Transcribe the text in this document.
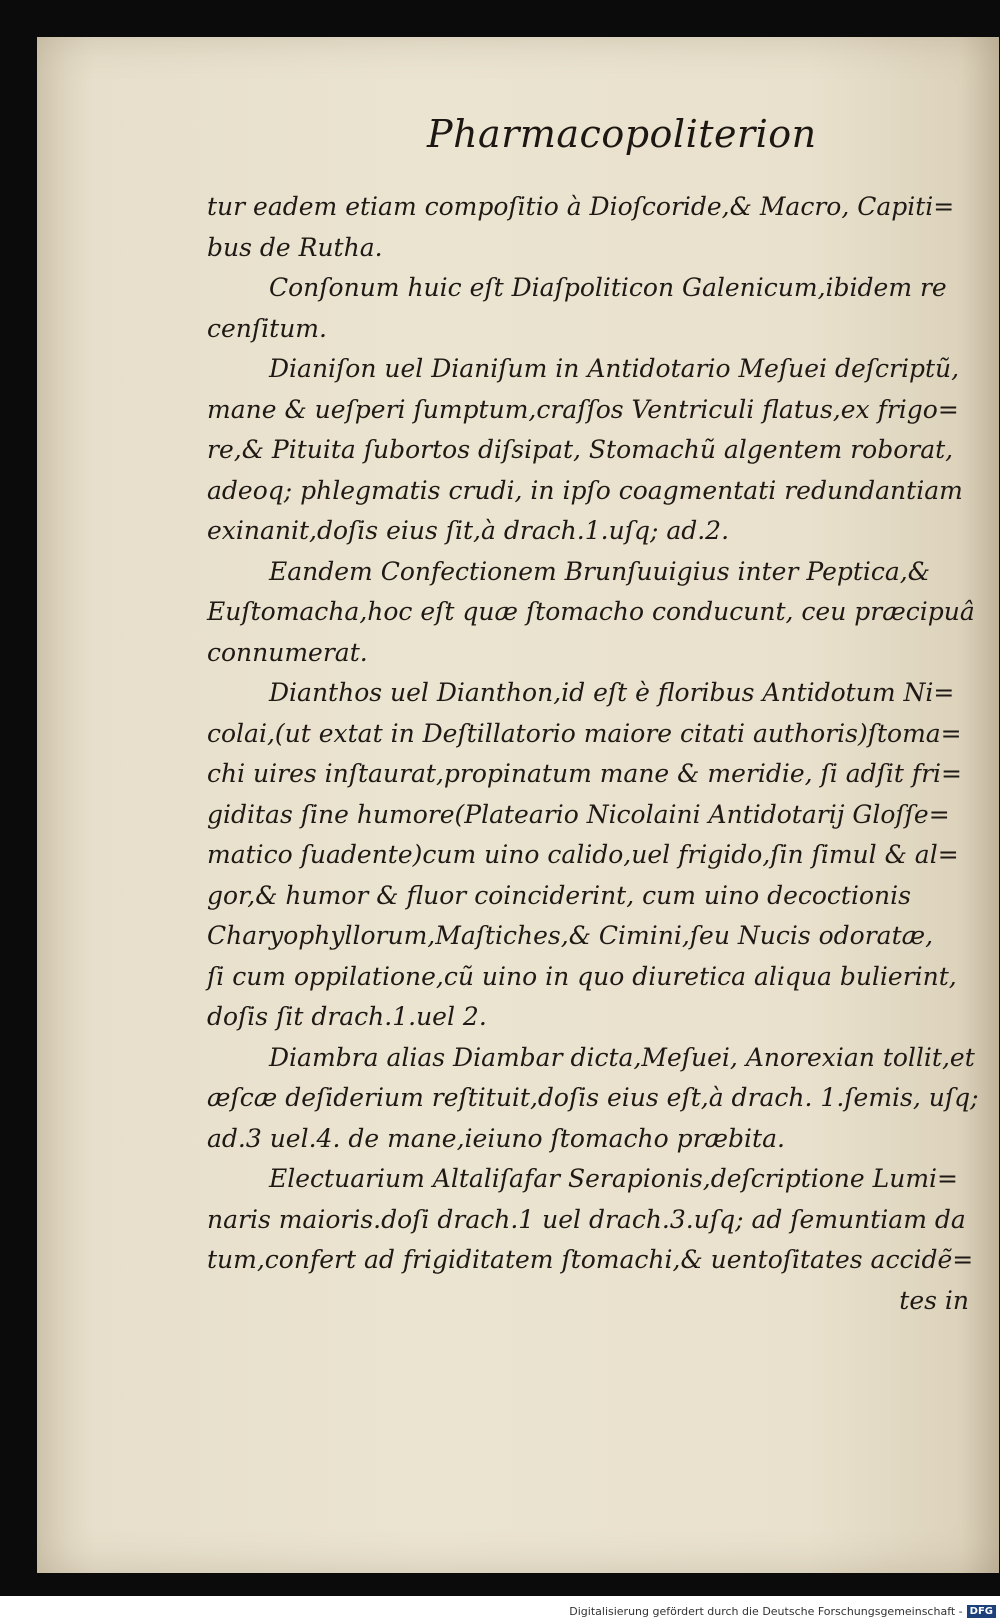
Pharmacopoliterion
tur eadem etiam compoſitio à Dioſcoride,& Macro, Capiti=
bus de Rutha.
Conſonum huic eſt Diaſpoliticon Galenicum,ibidem re
cenſitum.
Dianiſon uel Dianiſum in Antidotario Meſuei deſcriptũ,
mane & ueſperi ſumptum,craſſos Ventriculi flatus,ex frigo=
re,& Pituita ſubortos diſsipat, Stomachũ algentem roborat,
adeoq; phlegmatis crudi, in ipſo coagmentati redundantiam
exinanit,doſis eius ſit,à drach.1.uſq; ad.2.
Eandem Confectionem Brunſuuigius inter Peptica,&
Euſtomacha,hoc eſt quæ ſtomacho conducunt, ceu præcipuâ
connumerat.
Dianthos uel Dianthon,id eſt è floribus Antidotum Ni=
colai,(ut extat in Deſtillatorio maiore citati authoris)ſtoma=
chi uires inſtaurat,propinatum mane & meridie, ſi adſit fri=
giditas ſine humore(Plateario Nicolaini Antidotarij Gloſſe=
matico ſuadente)cum uino calido,uel frigido,ſin ſimul & al=
gor,& humor & fluor coinciderint, cum uino decoctionis
Charyophyllorum,Maſtiches,& Cimini,ſeu Nucis odoratæ,
ſi cum oppilatione,cũ uino in quo diuretica aliqua bulierint,
doſis ſit drach.1.uel 2.
Diambra alias Diambar dicta,Meſuei, Anorexian tollit,et
æſcæ deſiderium reſtituit,doſis eius eſt,à drach. 1.ſemis, uſq;
ad.3 uel.4. de mane,ieiuno ſtomacho præbita.
Electuarium Altaliſafar Serapionis,deſcriptione Lumi=
naris maioris.doſi drach.1 uel drach.3.uſq; ad ſemuntiam da
tum,confert ad frigiditatem ſtomachi,& uentoſitates accidẽ=
tes in
Digitalisierung gefördert durch die Deutsche Forschungsgemeinschaft - DFG
